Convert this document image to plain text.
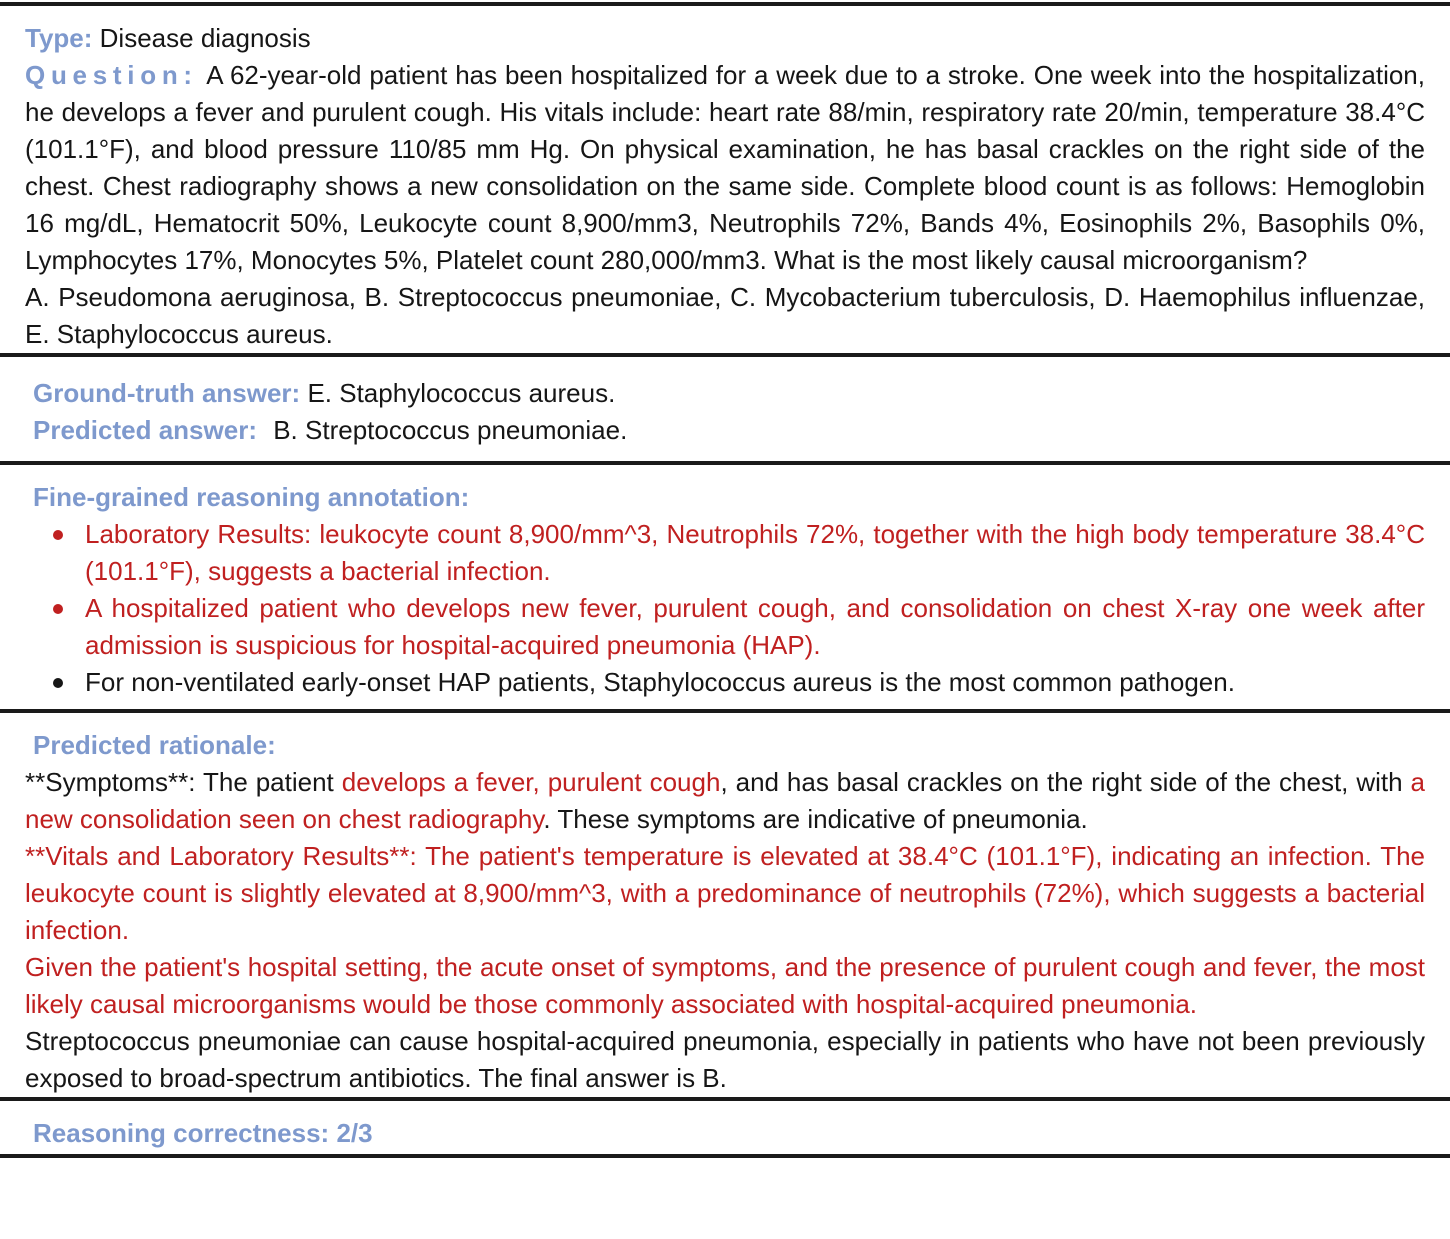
Type: Disease diagnosis

Question: A 62-year-old patient has been hospitalized for a week due to a stroke. One week into the hospitalization, he develops a fever and purulent cough. His vitals include: heart rate 88/min, respiratory rate 20/min, temperature 38.4°C (101.1°F), and blood pressure 110/85 mm Hg. On physical examination, he has basal crackles on the right side of the chest. Chest radiography shows a new consolidation on the same side. Complete blood count is as follows: Hemoglobin 16 mg/dL, Hematocrit 50%, Leukocyte count 8,900/mm3, Neutrophils 72%, Bands 4%, Eosinophils 2%, Basophils 0%, Lymphocytes 17%, Monocytes 5%, Platelet count 280,000/mm3. What is the most likely causal microorganism?

A. Pseudomona aeruginosa, B. Streptococcus pneumoniae, C. Mycobacterium tuberculosis, D. Haemophilus influenzae, E. Staphylococcus aureus.

Ground-truth answer: E. Staphylococcus aureus.

Predicted answer: B. Streptococcus pneumoniae.

Fine-grained reasoning annotation:

Laboratory Results: leukocyte count 8,900/mm^3, Neutrophils 72%, together with the high body temperature 38.4°C (101.1°F), suggests a bacterial infection.
A hospitalized patient who develops new fever, purulent cough, and consolidation on chest X-ray one week after admission is suspicious for hospital-acquired pneumonia (HAP).
For non-ventilated early-onset HAP patients, Staphylococcus aureus is the most common pathogen.

Predicted rationale:

**Symptoms**: The patient develops a fever, purulent cough, and has basal crackles on the right side of the chest, with a new consolidation seen on chest radiography. These symptoms are indicative of pneumonia.

**Vitals and Laboratory Results**: The patient's temperature is elevated at 38.4°C (101.1°F), indicating an infection. The leukocyte count is slightly elevated at 8,900/mm^3, with a predominance of neutrophils (72%), which suggests a bacterial infection.

Given the patient's hospital setting, the acute onset of symptoms, and the presence of purulent cough and fever, the most likely causal microorganisms would be those commonly associated with hospital-acquired pneumonia.

Streptococcus pneumoniae can cause hospital-acquired pneumonia, especially in patients who have not been previously exposed to broad-spectrum antibiotics. The final answer is B.

Reasoning correctness: 2/3
